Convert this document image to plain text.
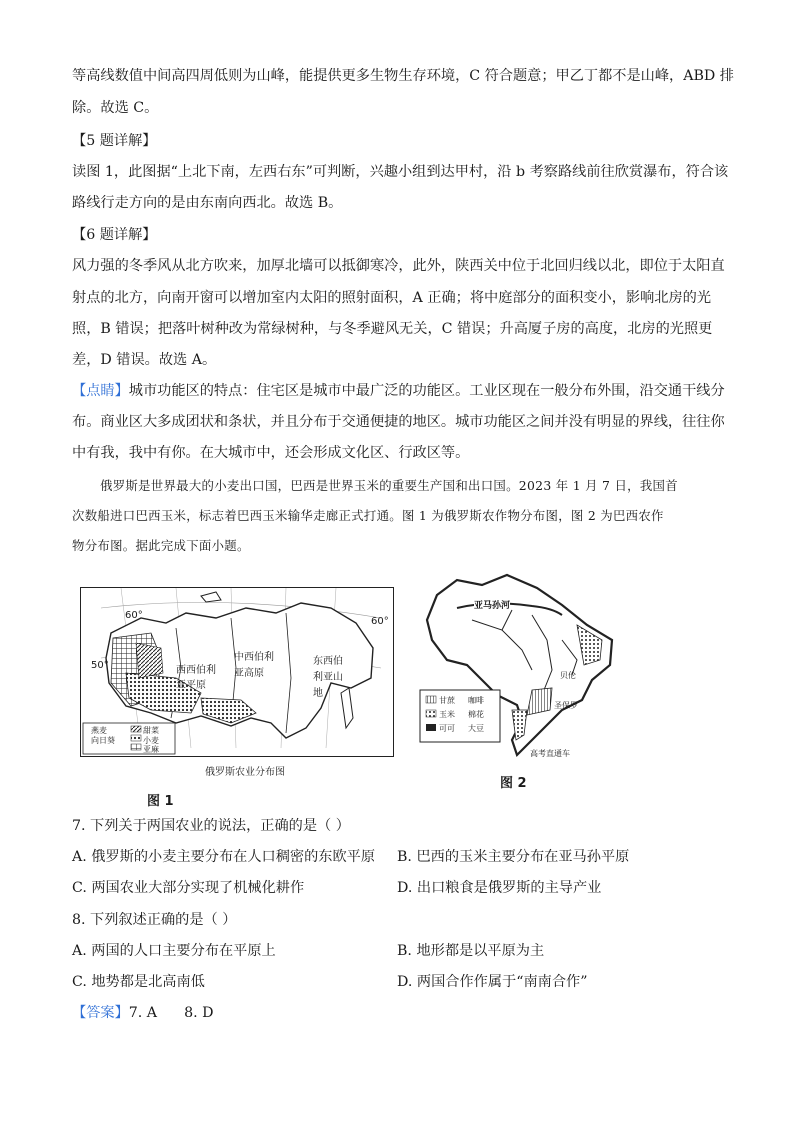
等高线数值中间高四周低则为山峰，能提供更多生物生存环境，C 符合题意；甲乙丁都不是山峰，ABD 排
除。故选 C。
【5 题详解】
读图 1，此图据“上北下南，左西右东”可判断，兴趣小组到达甲村，沿 b 考察路线前往欣赏瀑布，符合该
路线行走方向的是由东南向西北。故选 B。
【6 题详解】
风力强的冬季风从北方吹来，加厚北墙可以抵御寒冷，此外，陕西关中位于北回归线以北，即位于太阳直
射点的北方，向南开窗可以增加室内太阳的照射面积，A 正确；将中庭部分的面积变小，影响北房的光
照，B 错误；把落叶树种改为常绿树种，与冬季避风无关，C 错误；升高厦子房的高度，北房的光照更
差，D 错误。故选 A。
【点睛】城市功能区的特点：住宅区是城市中最广泛的功能区。工业区现在一般分布外围，沿交通干线分
布。商业区大多成团状和条状，并且分布于交通便捷的地区。城市功能区之间并没有明显的界线，往往你
中有我，我中有你。在大城市中，还会形成文化区、行政区等。
俄罗斯是世界最大的小麦出口国，巴西是世界玉米的重要生产国和出口国。2023 年 1 月 7 日，我国首
次数船进口巴西玉米，标志着巴西玉米输华走廊正式打通。图 1 为俄罗斯农作物分布图，图 2 为巴西农作
物分布图。据此完成下面小题。
西西伯利
亚平原
中西伯利
亚高原
东西伯
利亚山
地
60°
50°
60°
燕麦
向日葵
甜菜
小麦
亚麻
俄罗斯农业分布图
图 1
亚马孙河
贝伦
圣保罗
高考直通车
甘蔗
玉米
可可
咖啡
棉花
大豆
图 2
7. 下列关于两国农业的说法，正确的是（ ）
A. 俄罗斯的小麦主要分布在人口稠密的东欧平原 B. 巴西的玉米主要分布在亚马孙平原
C. 两国农业大部分实现了机械化耕作	D. 出口粮食是俄罗斯的主导产业
8. 下列叙述正确的是（ ）
A. 两国的人口主要分布在平原上	B. 地形都是以平原为主
C. 地势都是北高南低	D. 两国合作作属于“南南合作”
【答案】7. A      8. D
